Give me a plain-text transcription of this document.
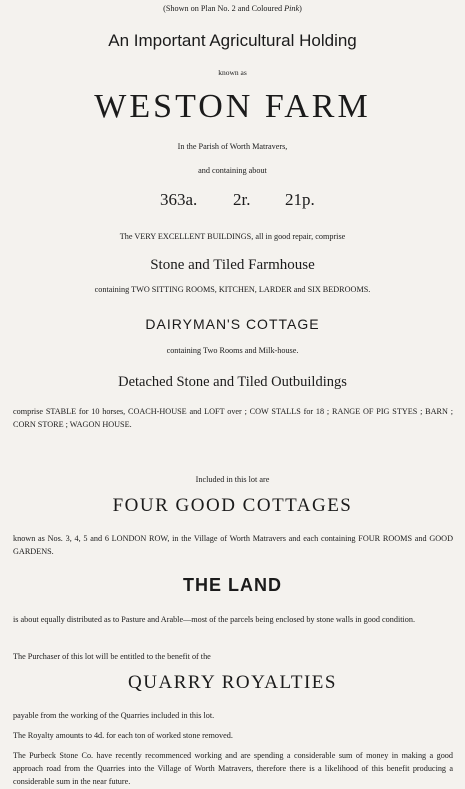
(Shown on Plan No. 2 and Coloured Pink)
An Important Agricultural Holding
known as
WESTON FARM
In the Parish of Worth Matravers,
and containing about
363a. 2r. 21p.
The VERY EXCELLENT BUILDINGS, all in good repair, comprise
Stone and Tiled Farmhouse
containing TWO SITTING ROOMS, KITCHEN, LARDER and SIX BEDROOMS.
DAIRYMAN'S COTTAGE
containing Two Rooms and Milk-house.
Detached Stone and Tiled Outbuildings
comprise STABLE for 10 horses, COACH-HOUSE and LOFT over ; COW STALLS for 18 ; RANGE OF PIG STYES ; BARN ; CORN STORE ; WAGON HOUSE.
Included in this lot are
FOUR GOOD COTTAGES
known as Nos. 3, 4, 5 and 6 LONDON ROW, in the Village of Worth Matravers and each containing FOUR ROOMS and GOOD GARDENS.
THE LAND
is about equally distributed as to Pasture and Arable—most of the parcels being enclosed by stone walls in good condition.
The Purchaser of this lot will be entitled to the benefit of the
QUARRY ROYALTIES
payable from the working of the Quarries included in this lot.
The Royalty amounts to 4d. for each ton of worked stone removed.
The Purbeck Stone Co. have recently recommenced working and are spending a considerable sum of money in making a good approach road from the Quarries into the Village of Worth Matravers, therefore there is a likelihood of this benefit producing a considerable sum in the near future.
